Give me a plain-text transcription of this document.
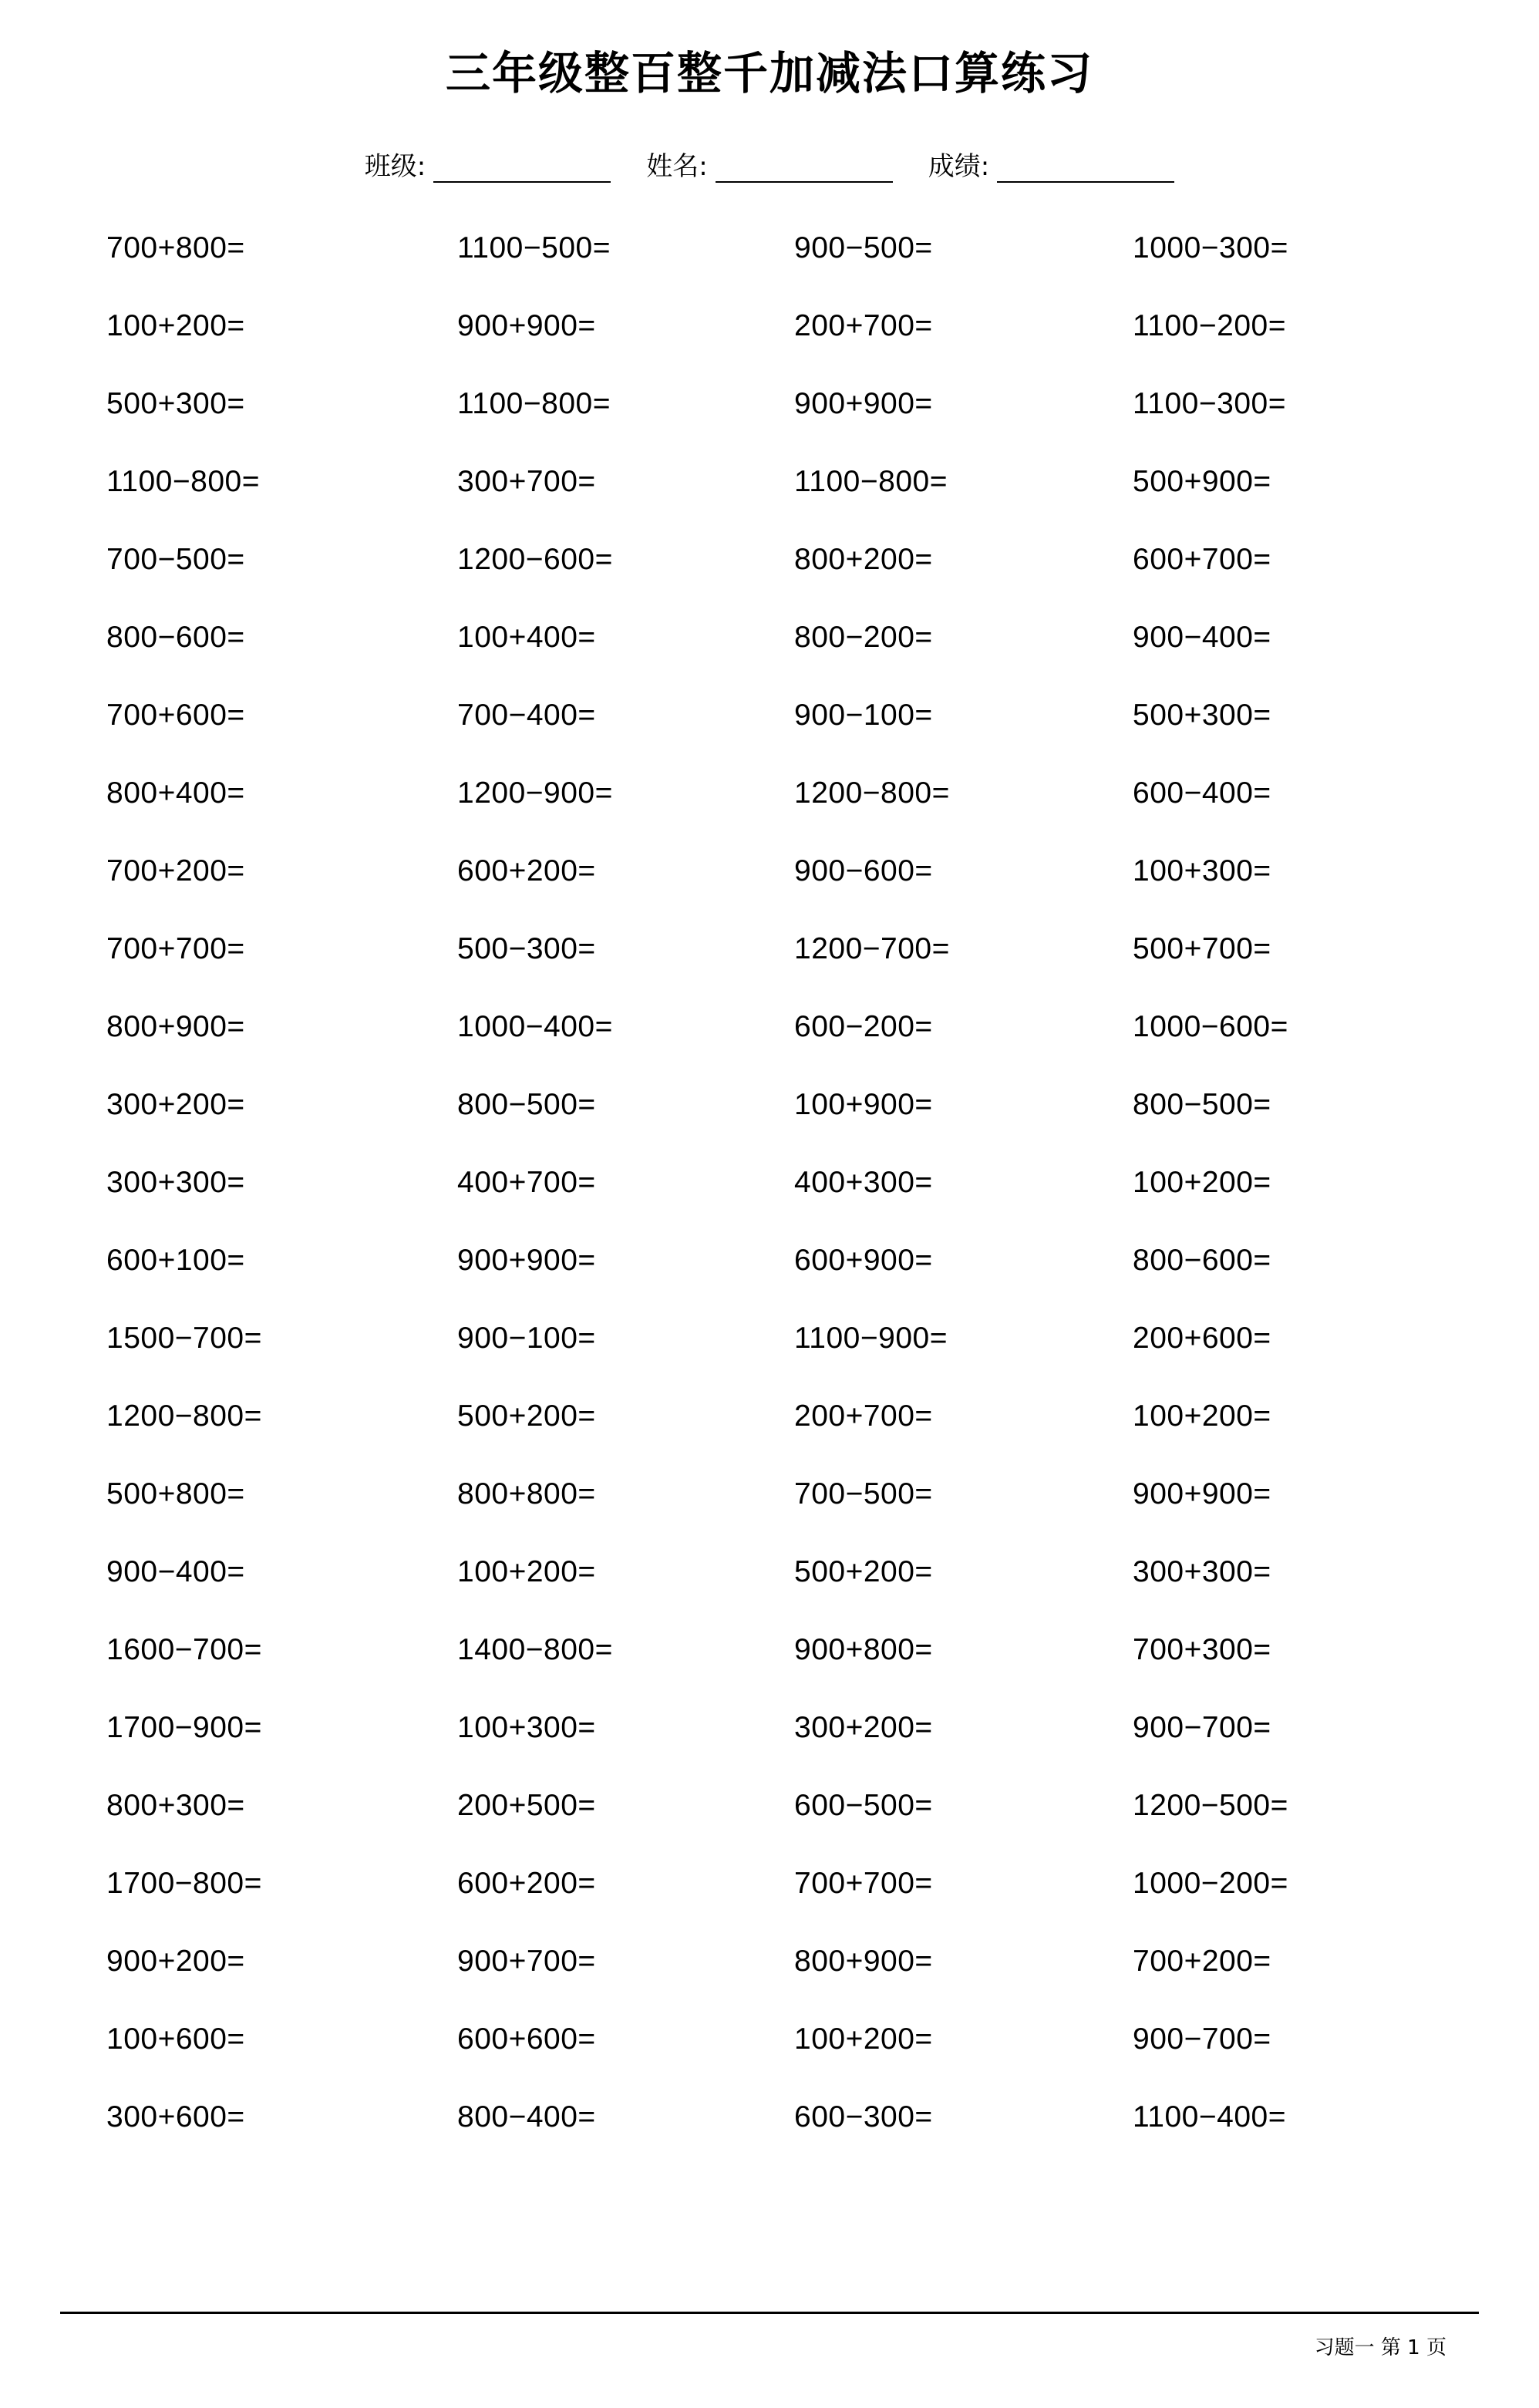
三年级整百整千加减法口算练习
班级:	姓名:	成绩:
700+800=	1100−500=	900−500=	1000−300=
100+200=	900+900=	200+700=	1100−200=
500+300=	1100−800=	900+900=	1100−300=
1100−800=	300+700=	1100−800=	500+900=
700−500=	1200−600=	800+200=	600+700=
800−600=	100+400=	800−200=	900−400=
700+600=	700−400=	900−100=	500+300=
800+400=	1200−900=	1200−800=	600−400=
700+200=	600+200=	900−600=	100+300=
700+700=	500−300=	1200−700=	500+700=
800+900=	1000−400=	600−200=	1000−600=
300+200=	800−500=	100+900=	800−500=
300+300=	400+700=	400+300=	100+200=
600+100=	900+900=	600+900=	800−600=
1500−700=	900−100=	1100−900=	200+600=
1200−800=	500+200=	200+700=	100+200=
500+800=	800+800=	700−500=	900+900=
900−400=	100+200=	500+200=	300+300=
1600−700=	1400−800=	900+800=	700+300=
1700−900=	100+300=	300+200=	900−700=
800+300=	200+500=	600−500=	1200−500=
1700−800=	600+200=	700+700=	1000−200=
900+200=	900+700=	800+900=	700+200=
100+600=	600+600=	100+200=	900−700=
300+600=	800−400=	600−300=	1100−400=
习题一 第 1 页
